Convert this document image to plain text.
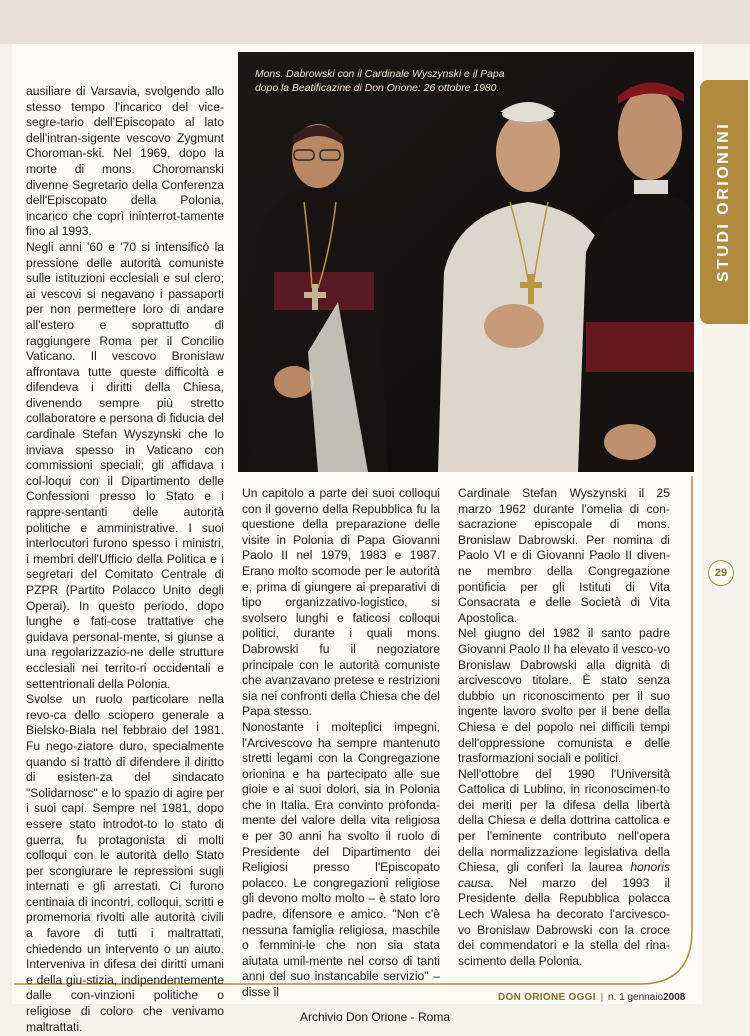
Mons. Dabrowski con il Cardinale Wyszynski e il Papa dopo la Beatificazine di Don Orione: 26 ottobre 1980.

ausiliare di Varsavia, svolgendo allo stesso tempo l'incarico del vice-segre-tario dell'Episcopato al lato dell'intran-sigente vescovo Zygmunt Choroman-ski. Nel 1969, dopo la morte di mons. Choromanski divenne Segretario della Conferenza dell'Episcopato della Polonia, incarico che coprì ininterrot-tamente fino al 1993.

Negli anni '60 e '70 si intensificò la pressione delle autorità comuniste sulle istituzioni ecclesiali e sul clero; ai vescovi si negavano i passaporti per non permettere loro di andare all'estero e soprattutto di raggiungere Roma per il Concilio Vaticano. Il vescovo Bronislaw affrontava tutte queste difficoltà e difendeva i diritti della Chiesa, divenendo sempre più stretto collaboratore e persona di fiducia del cardinale Stefan Wyszynski che lo inviava spesso in Vaticano con commissioni speciali; gli affidava i col-loqui con il Dipartimento delle Confessioni presso lo Stato e i rappre-sentanti delle autorità politiche e amministrative. I suoi interlocutori furono spesso i ministri, i membri dell'Ufficio della Politica e i segretari del Comitato Centrale di PZPR (Partito Polacco Unito degli Operai). In questo periodo, dopo lunghe e fati-cose trattative che guidava personal-mente, si giunse a una regolarizzazio-ne delle strutture ecclesiali nei territo-ri occidentali e settentrionali della Polonia.

Svolse un ruolo particolare nella revo-ca dello sciopero generale a Bielsko-Biala nel febbraio del 1981. Fu nego-ziatore duro, specialmente quando si trattò di difendere il diritto di esisten-za del sindacato "Solidarnosc" e lo spazio di agire per i suoi capi. Sempre nel 1981, dopo essere stato introdot-to lo stato di guerra, fu protagonista di molti colloqui con le autorità dello Stato per scongiurare le repressioni sugli internati e gli arrestati. Ci furono centinaia di incontri, colloqui, scritti e promemoria rivolti alle autorità civili a favore di tutti i maltrattati, chiedendo un intervento o un aiuto. Interveniva in difesa dei diritti umani e della giu-stizia, indipendentemente dalle con-vinzioni politiche o religiose di coloro che venivamo maltrattati.

Un capitolo a parte dei suoi colloqui con il governo della Repubblica fu la questione della preparazione delle visite in Polonia di Papa Giovanni Paolo II nel 1979, 1983 e 1987. Erano molto scomode per le autorità e, prima di giungere ai preparativi di tipo organizzativo-logistico, si svolsero lunghi e faticosi colloqui politici, durante i quali mons. Dabrowski fu il negoziatore principale con le autorità comuniste che avanzavano pretese e restrizioni sia nei confronti della Chiesa che del Papa stesso.

Nonostante i molteplici impegni, l'Arcivescovo ha sempre mantenuto stretti legami con la Congregazione orionina e ha partecipato alle sue gioie e ai suoi dolori, sia in Polonia che in Italia. Era convinto profonda-mente del valore della vita religiosa e per 30 anni ha svolto il ruolo di Presidente del Dipartimento dei Religiosi presso l'Episcopato polacco. Le congregazioni religiose gli devono molto molto – è stato loro padre, difensore e amico. "Non c'è nessuna famiglia religiosa, maschile o femmini-le che non sia stata aiutata umil-mente nel corso di tanti anni del suo instancabile servizio" – disse il

Cardinale Stefan Wyszynski il 25 marzo 1962 durante l'omelia di con-sacrazione episcopale di mons. Bronislaw Dabrowski. Per nomina di Paolo VI e di Giovanni Paolo II diven-ne membro della Congregazione pontificia per gli Istituti di Vita Consacrata e delle Società di Vita Apostolica.

Nel giugno del 1982 il santo padre Giovanni Paolo II ha elevato il vesco-vo Bronislaw Dabrowski alla dignità di arcivescovo titolare. È stato senza dubbio un riconoscimento per il suo ingente lavoro svolto per il bene della Chiesa e del popolo nei difficili tempi dell'oppressione comunista e delle trasformazioni sociali e politici.

Nell'ottobre del 1990 l'Università Cattolica di Lublino, in riconoscimen-to dei meriti per la difesa della libertà della Chiesa e della dottrina cattolica e per l'eminente contributo nell'opera della normalizzazione legislativa della Chiesa, gli conferì la laurea honoris causa. Nel marzo del 1993 il Presidente della Repubblica polacca Lech Walesa ha decorato l'arcivesco-vo Bronislaw Dabrowski con la croce dei commendatori e la stella del rina-scimento della Polonia.

STUDI ORIONINI
29
DON ORIONE OGGI | n. 1 gennaio2008
Archivio Don Orione - Roma
